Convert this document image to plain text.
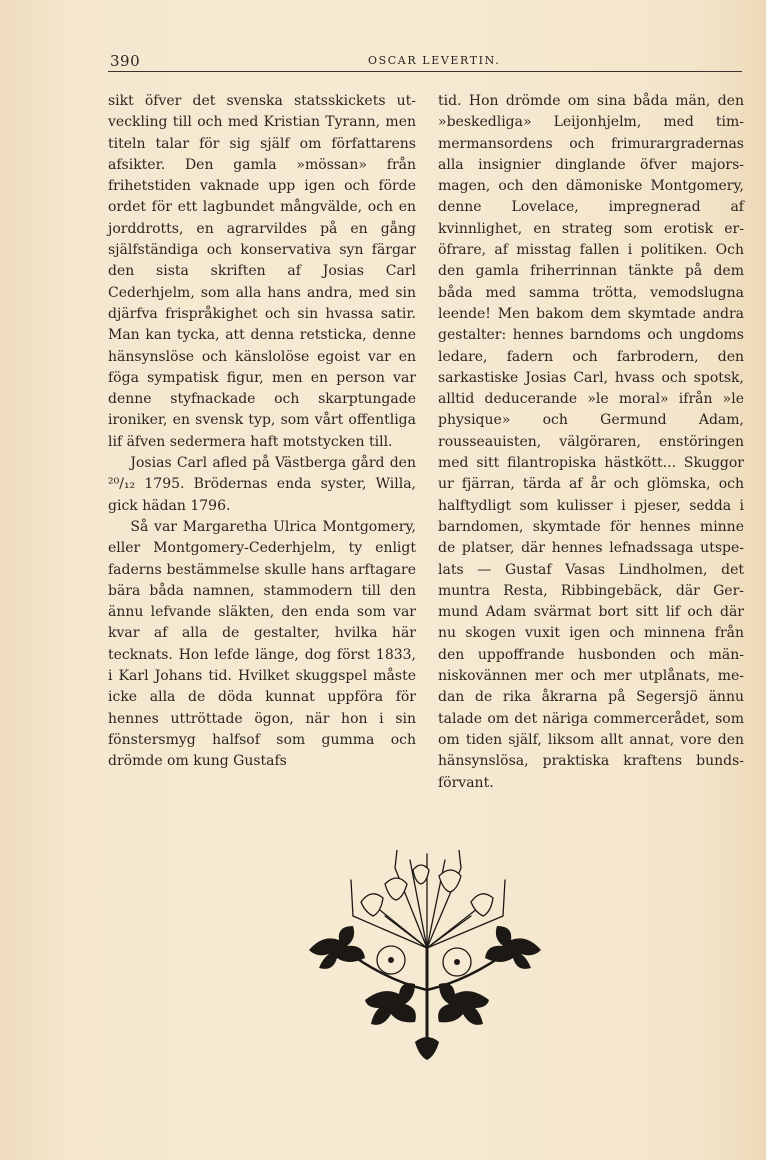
390	OSCAR LEVERTIN.

sikt öfver det svenska statsskickets utveckling till och med Kristian Tyrann, men titeln talar för sig själf om författarens afsikter. Den gamla »mössan» från frihetstiden vaknade upp igen och förde ordet för ett lagbundet mångvälde, och en jorddrotts, en agrarvildes på en gång själfständiga och konservativa syn färgar den sista skriften af Josias Carl Cederhjelm, som alla hans andra, med sin djärfva frispråkighet och sin hvassa satir. Man kan tycka, att denna retsticka, denne hänsynslöse och känslolöse egoist var en föga sympatisk figur, men en person var denne styfnackade och skarptungade ironiker, en svensk typ, som vårt offentliga lif äfven sedermera haft motstycken till.

Josias Carl afled på Västberga gård den ²⁰/₁₂ 1795. Brödernas enda syster, Willa, gick hädan 1796.

Så var Margaretha Ulrica Montgomery, eller Montgomery-Cederhjelm, ty enligt faderns bestämmelse skulle hans arftagare bära båda namnen, stammodern till den ännu lefvande släkten, den enda som var kvar af alla de gestalter, hvilka här tecknats. Hon lefde länge, dog först 1833, i Karl Johans tid. Hvilket skuggspel måste icke alla de döda kunnat uppföra för hennes uttröttade ögon, när hon i sin fönstersmyg halfsof som gumma och drömde om kung Gustafs

tid. Hon drömde om sina båda män, den »beskedliga» Leijonhjelm, med timmermansordens och frimurargradernas alla insignier dinglande öfver majorsmagen, och den dämoniske Montgomery, denne Lovelace, impregnerad af kvinnlighet, en strateg som erotisk eröfrare, af misstag fallen i politiken. Och den gamla friherrinnan tänkte på dem båda med samma trötta, vemodslugna leende! Men bakom dem skymtade andra gestalter: hennes barndoms och ungdoms ledare, fadern och farbrodern, den sarkastiske Josias Carl, hvass och spotsk, alltid deducerande »le moral» ifrån »le physique» och Germund Adam, rousseauisten, välgöraren, enstöringen med sitt filantropiska hästkött... Skuggor ur fjärran, tärda af år och glömska, och halftydligt som kulisser i pjeser, sedda i barndomen, skymtade för hennes minne de platser, där hennes lefnadssaga utspelats — Gustaf Vasas Lindholmen, det muntra Resta, Ribbingebäck, där Germund Adam svärmat bort sitt lif och där nu skogen vuxit igen och minnena från den uppoffrande husbonden och människovännen mer och mer utplånats, medan de rika åkrarna på Segersjö ännu talade om det näriga commercerådet, som om tiden själf, liksom allt annat, vore den hänsynslösa, praktiska kraftens bundsförvant.
